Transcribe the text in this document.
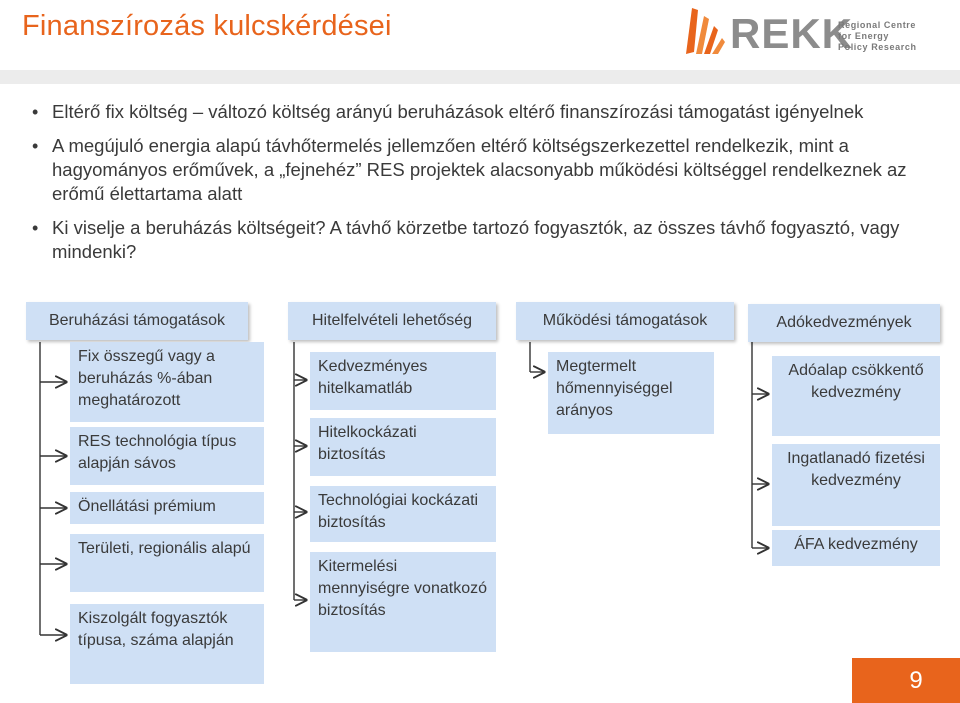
Finanszírozás kulcskérdései	REKK
Regional Centre
for Energy
Policy Research
• Eltérő fix költség – változó költség arányú beruházások eltérő finanszírozási támogatást igényelnek
• A megújuló energia alapú távhőtermelés jellemzően eltérő költségszerkezettel rendelkezik, mint a hagyományos erőművek, a „fejnehéz” RES projektek alacsonyabb működési költséggel rendelkeznek az erőmű élettartama alatt
• Ki viselje a beruházás költségeit? A távhő körzetbe tartozó fogyasztók, az összes távhő fogyasztó, vagy mindenki?
Beruházási támogatások	Hitelfelvételi lehetőség	Működési támogatások	Adókedvezmények
Fix összegű vagy a beruházás %-ában meghatározott
RES technológia típus alapján sávos
Önellátási prémium
Területi, regionális alapú
Kiszolgált fogyasztók típusa, száma alapján
Kedvezményes hitelkamatláb
Hitelkockázati biztosítás
Technológiai kockázati biztosítás
Kitermelési mennyiségre vonatkozó biztosítás
Megtermelt hőmennyiséggel arányos
Adóalap csökkentő kedvezmény
Ingatlanadó fizetési kedvezmény
ÁFA kedvezmény
9
